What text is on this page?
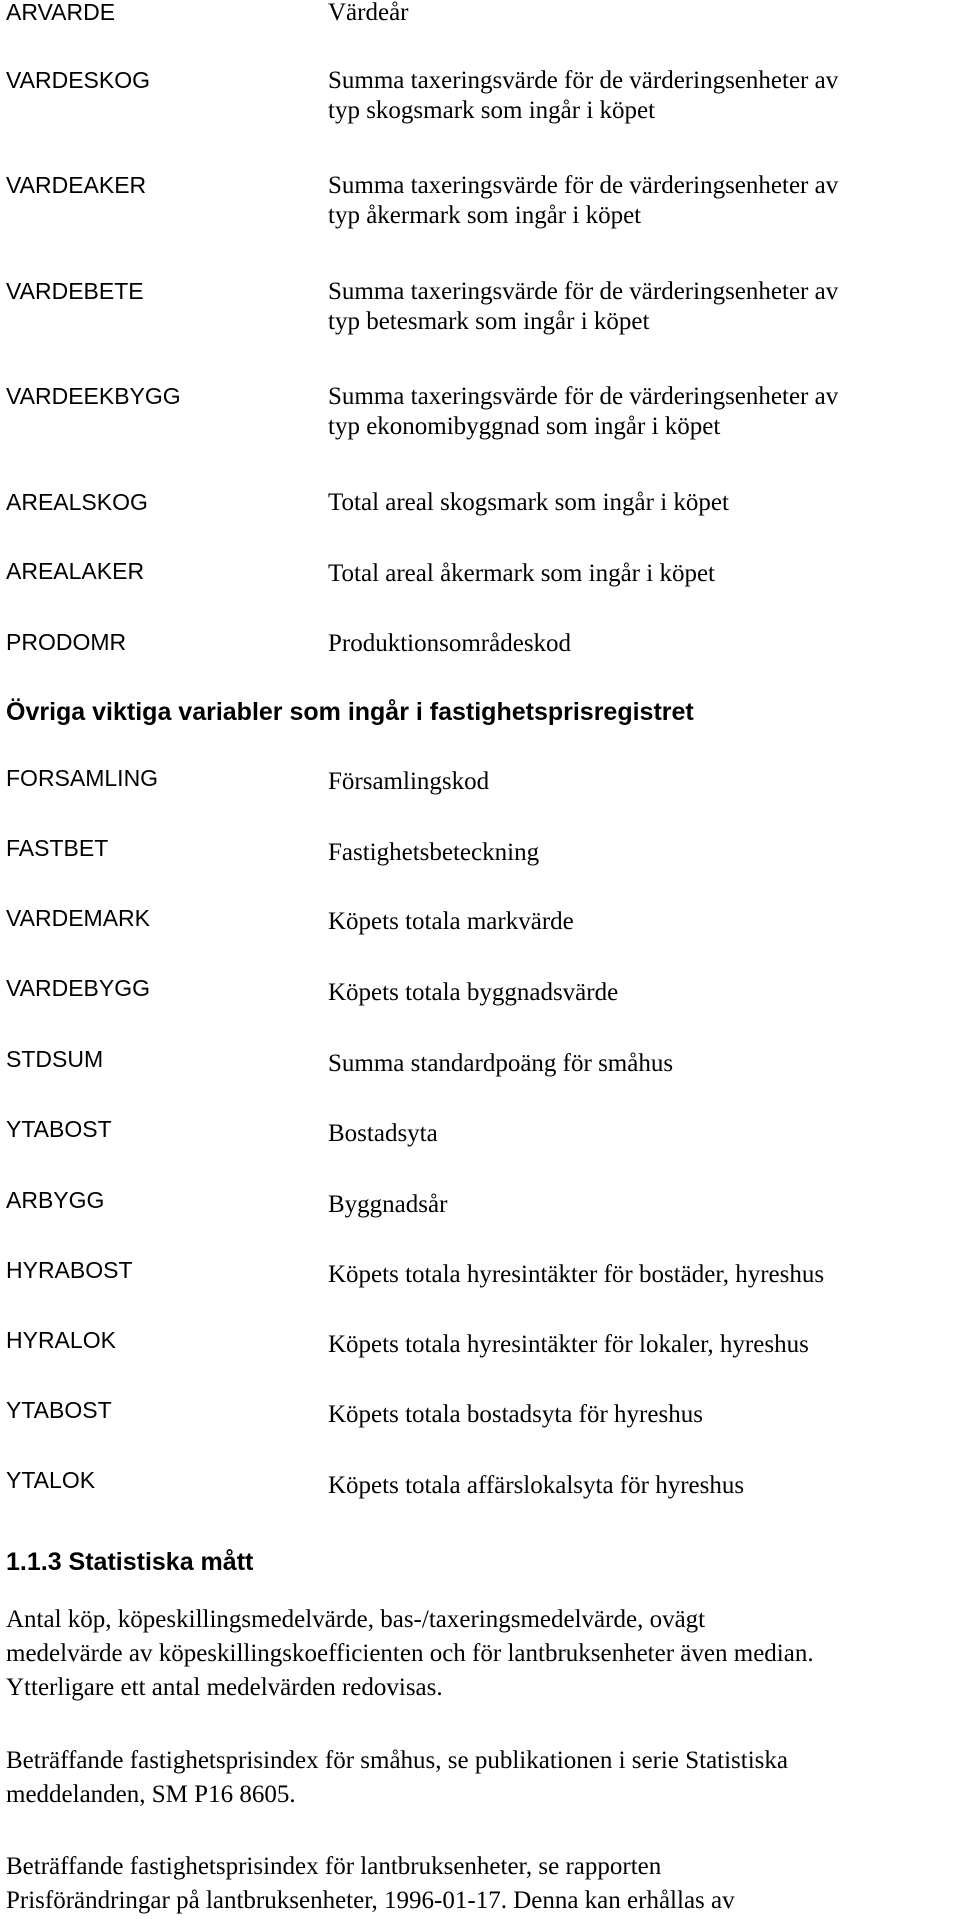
ARVARDE	Värdeår
VARDESKOG	Summa taxeringsvärde för de värderingsenheter av
typ skogsmark som ingår i köpet
VARDEAKER	Summa taxeringsvärde för de värderingsenheter av
typ åkermark som ingår i köpet
VARDEBETE	Summa taxeringsvärde för de värderingsenheter av
typ betesmark som ingår i köpet
VARDEEKBYGG	Summa taxeringsvärde för de värderingsenheter av
typ ekonomibyggnad som ingår i köpet
AREALSKOG	Total areal skogsmark som ingår i köpet
AREALAKER	Total areal åkermark som ingår i köpet
PRODOMR	Produktionsområdeskod
Övriga viktiga variabler som ingår i fastighetsprisregistret
FORSAMLING	Församlingskod
FASTBET	Fastighetsbeteckning
VARDEMARK	Köpets totala markvärde
VARDEBYGG	Köpets totala byggnadsvärde
STDSUM	Summa standardpoäng för småhus
YTABOST	Bostadsyta
ARBYGG	Byggnadsår
HYRABOST	Köpets totala hyresintäkter för bostäder, hyreshus
HYRALOK	Köpets totala hyresintäkter för lokaler, hyreshus
YTABOST	Köpets totala bostadsyta för hyreshus
YTALOK	Köpets totala affärslokalsyta för hyreshus
1.1.3 Statistiska mått
Antal köp, köpeskillingsmedelvärde, bas-/taxeringsmedelvärde, ovägt
medelvärde av köpeskillingskoefficienten och för lantbruksenheter även median.
Ytterligare ett antal medelvärden redovisas.
Beträffande fastighetsprisindex för småhus, se publikationen i serie Statistiska
meddelanden, SM P16 8605.
Beträffande fastighetsprisindex för lantbruksenheter, se rapporten
Prisförändringar på lantbruksenheter, 1996-01-17. Denna kan erhållas av
